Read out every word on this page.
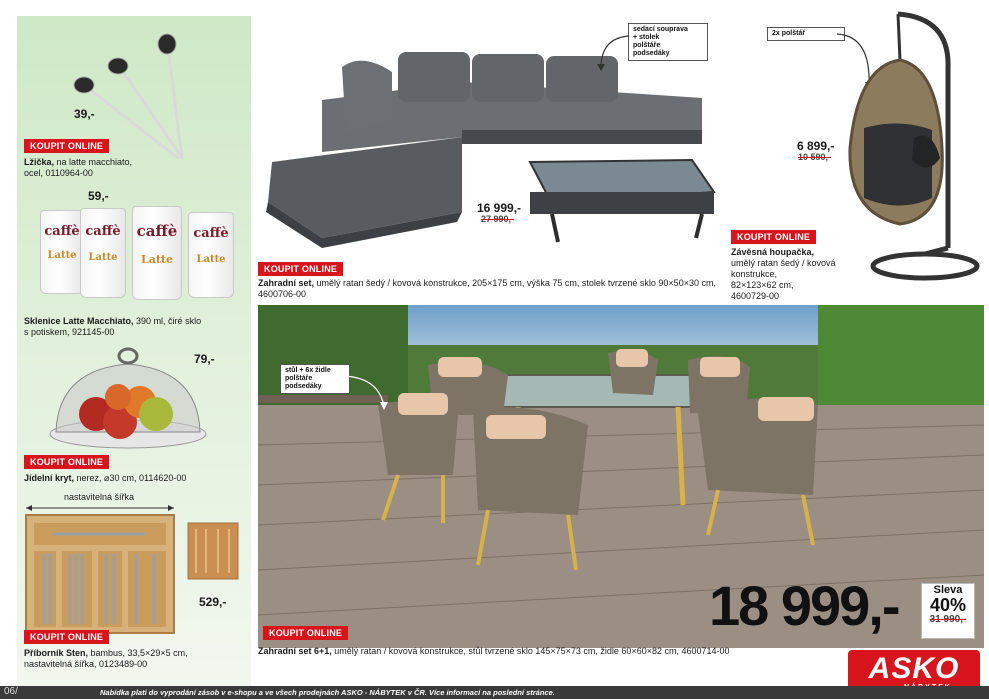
39,-
KOUPIT ONLINE
Lžička, na latte macchiato,
ocel, 0110964-00
59,-
caffè
Latte
caffè
Latte
caffè
Latte
caffè
Latte
Sklenice Latte Macchiato, 390 ml, čiré sklo
s potiskem, 921145-00
79,-
KOUPIT ONLINE
Jídelní kryt, nerez, ⌀30 cm, 0114620-00
nastavitelná šířka
529,-
KOUPIT ONLINE
Příborník Sten, bambus, 33,5×29×5 cm,
nastavitelná šířka, 0123489-00
sedací souprava
+ stolek
polštáře
podsedáky
16 999,-
27 990,-
KOUPIT ONLINE
Zahradní set, umělý ratan šedý / kovová konstrukce, 205×175 cm, výška 75 cm, stolek tvrzené sklo 90×50×30 cm,
4600706-00
2x polštář
6 899,-
10 590,-
KOUPIT ONLINE
Závěsná houpačka,
umělý ratan šedý / kovová
konstrukce,
82×123×62 cm,
4600729-00
stůl + 6x židle
polštáře
podsedáky
18 999,-	Sleva
40%
31 990,-
KOUPIT ONLINE
Zahradní set 6+1, umělý ratan / kovová konstrukce, stůl tvrzené sklo 145×75×73 cm, židle 60×60×82 cm, 4600714-00
ASKO
06/	Nabídka platí do vyprodání zásob v e-shopu a ve všech prodejnách ASKO - NÁBYTEK v ČR. Více informací na poslední stránce.
